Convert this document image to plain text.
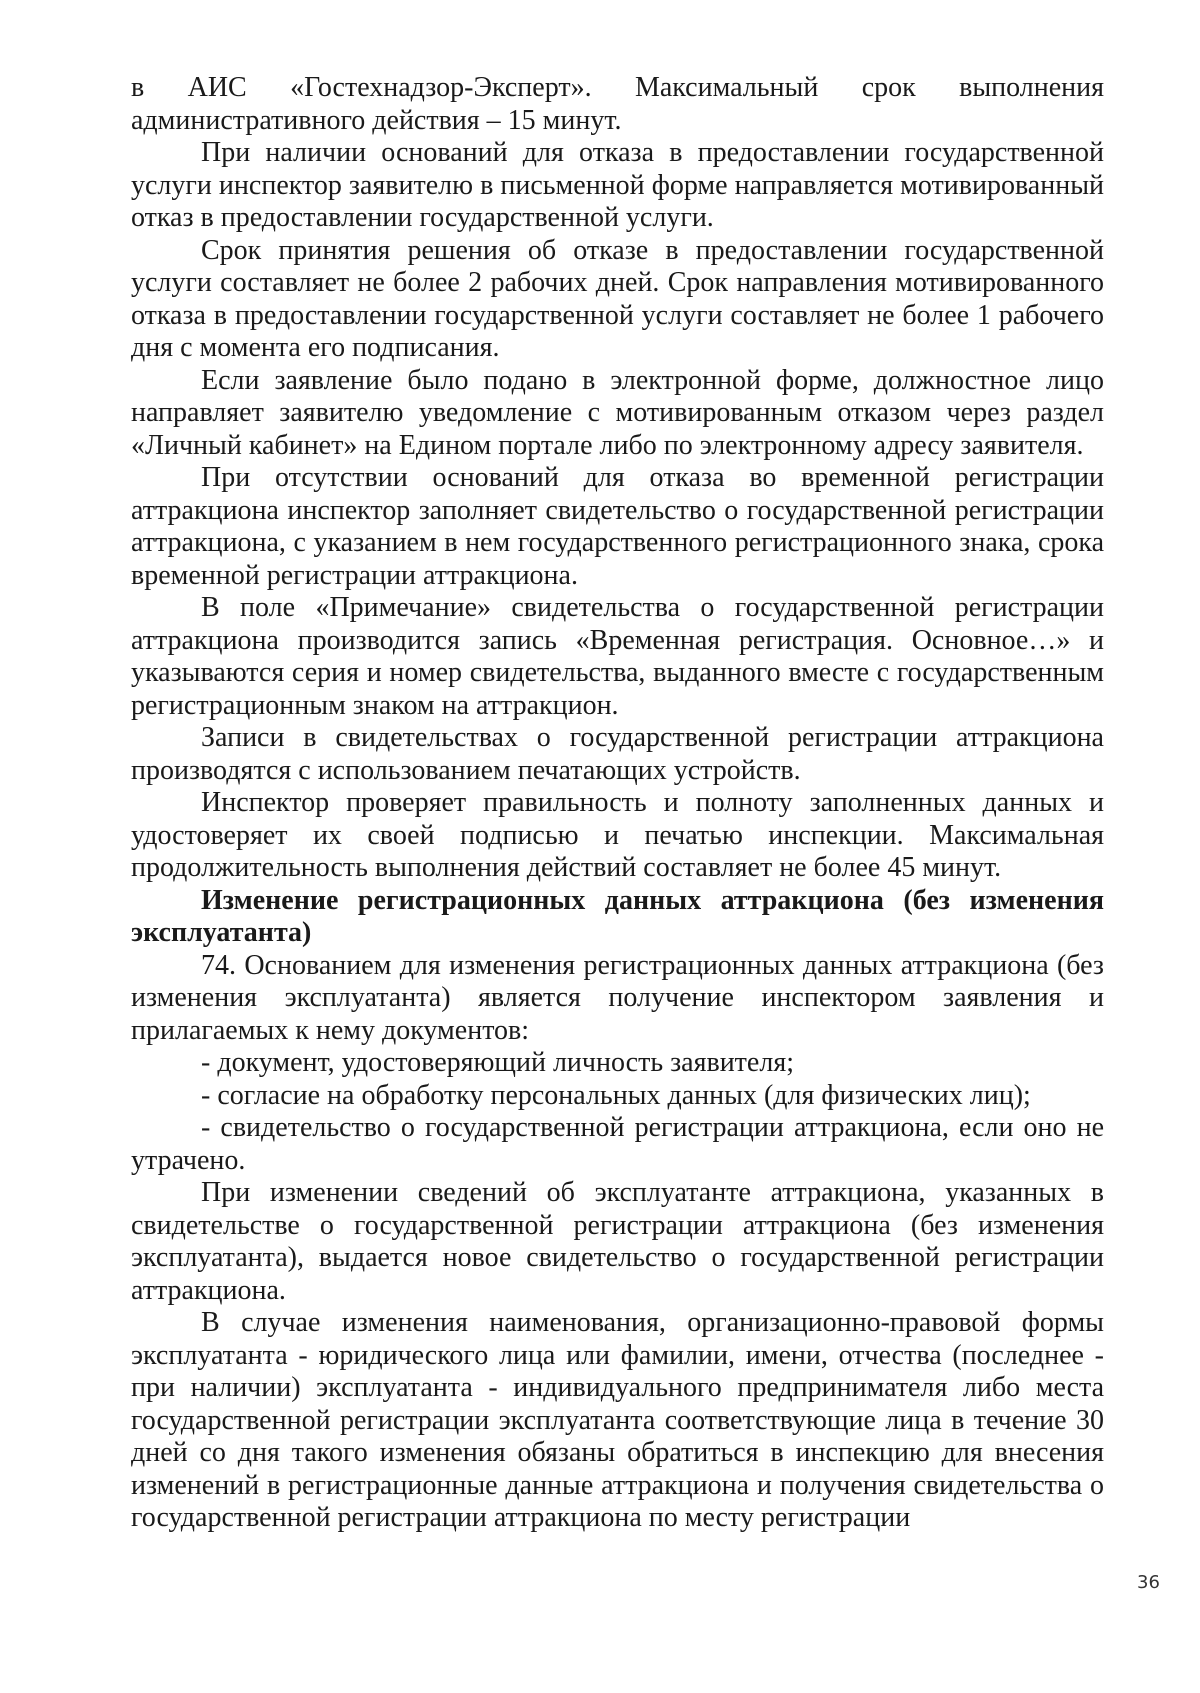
в АИС «Гостехнадзор-Эксперт». Максимальный срок выполнения административного действия – 15 минут.

При наличии оснований для отказа в предоставлении государственной услуги инспектор заявителю в письменной форме направляется мотивированный отказ в предоставлении государственной услуги.

Срок принятия решения об отказе в предоставлении государственной услуги составляет не более 2 рабочих дней. Срок направления мотивированного отказа в предоставлении государственной услуги составляет не более 1 рабочего дня с момента его подписания.

Если заявление было подано в электронной форме, должностное лицо направляет заявителю уведомление с мотивированным отказом через раздел «Личный кабинет» на Едином портале либо по электронному адресу заявителя.

При отсутствии оснований для отказа во временной регистрации аттракциона инспектор заполняет свидетельство о государственной регистрации аттракциона, с указанием в нем государственного регистрационного знака, срока временной регистрации аттракциона.

В поле «Примечание» свидетельства о государственной регистрации аттракциона производится запись «Временная регистрация. Основное…» и указываются серия и номер свидетельства, выданного вместе с государственным регистрационным знаком на аттракцион.

Записи в свидетельствах о государственной регистрации аттракциона производятся с использованием печатающих устройств.

Инспектор проверяет правильность и полноту заполненных данных и удостоверяет их своей подписью и печатью инспекции. Максимальная продолжительность выполнения действий составляет не более 45 минут.

Изменение регистрационных данных аттракциона (без изменения эксплуатанта)

74. Основанием для изменения регистрационных данных аттракциона (без изменения эксплуатанта) является получение инспектором заявления и прилагаемых к нему документов:

- документ, удостоверяющий личность заявителя;

- согласие на обработку персональных данных (для физических лиц);

- свидетельство о государственной регистрации аттракциона, если оно не утрачено.

При изменении сведений об эксплуатанте аттракциона, указанных в свидетельстве о государственной регистрации аттракциона (без изменения эксплуатанта), выдается новое свидетельство о государственной регистрации аттракциона.

В случае изменения наименования, организационно-правовой формы эксплуатанта - юридического лица или фамилии, имени, отчества (последнее - при наличии) эксплуатанта - индивидуального предпринимателя либо места государственной регистрации эксплуатанта соответствующие лица в течение 30 дней со дня такого изменения обязаны обратиться в инспекцию для внесения изменений в регистрационные данные аттракциона и получения свидетельства о государственной регистрации аттракциона по месту регистрации

36
